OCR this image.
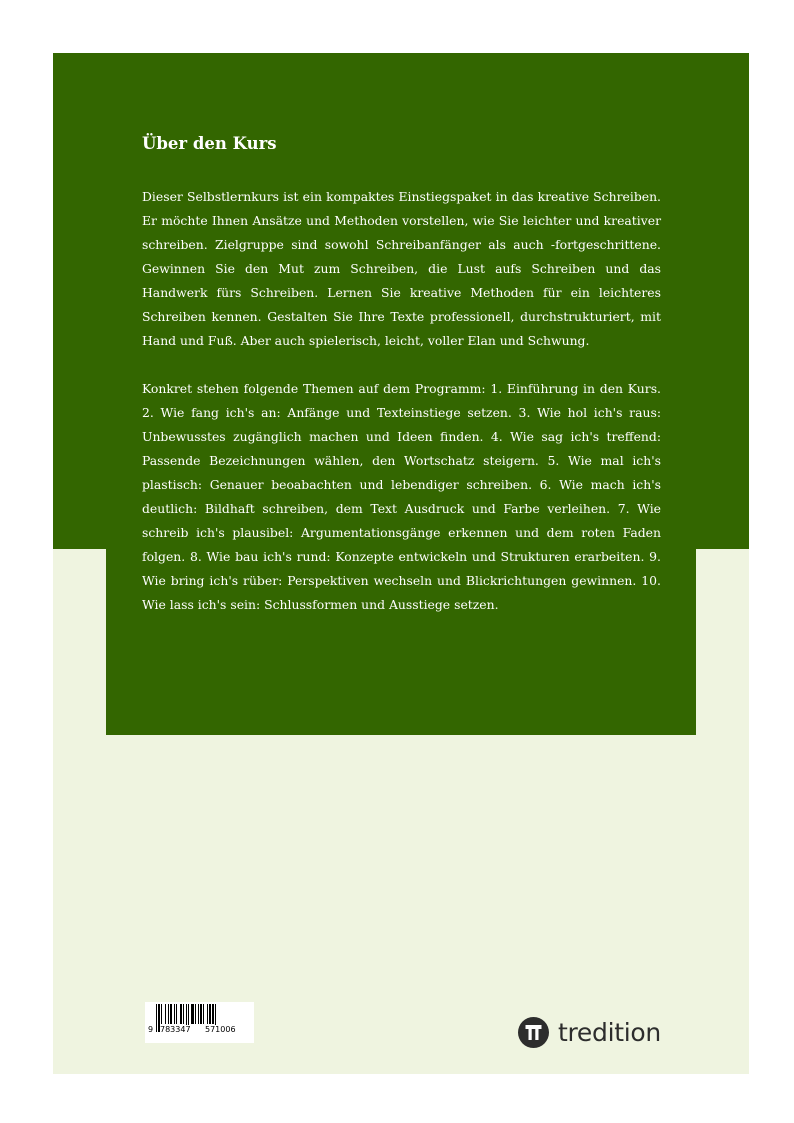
Über den Kurs

Dieser Selbstlernkurs ist ein kompaktes Einstiegspaket in das kreative Schreiben. Er möchte Ihnen Ansätze und Methoden vorstellen, wie Sie leichter und kreativer schreiben. Zielgruppe sind sowohl Schreibanfänger als auch -fortgeschrittene. Gewinnen Sie den Mut zum Schreiben, die Lust aufs Schreiben und das Handwerk fürs Schreiben. Lernen Sie kreative Methoden für ein leichteres Schreiben kennen. Gestalten Sie Ihre Texte professionell, durchstrukturiert, mit Hand und Fuß. Aber auch spielerisch, leicht, voller Elan und Schwung.

Konkret stehen folgende Themen auf dem Programm: 1. Einführung in den Kurs. 2. Wie fang ich's an: Anfänge und Texteinstiege setzen. 3. Wie hol ich's raus: Unbewusstes zugänglich machen und Ideen finden. 4. Wie sag ich's treffend: Passende Bezeichnungen wählen, den Wortschatz steigern. 5. Wie mal ich's plastisch: Genauer beoabachten und lebendiger schreiben. 6. Wie mach ich's deutlich: Bildhaft schreiben, dem Text Ausdruck und Farbe verleihen. 7. Wie schreib ich's plausibel: Argumentationsgänge erkennen und dem roten Faden folgen. 8. Wie bau ich's rund: Konzepte entwickeln und Strukturen erarbeiten. 9. Wie bring ich's rüber: Perspektiven wechseln und Blickrichtungen gewinnen. 10. Wie lass ich's sein: Schlussformen und Ausstiege setzen.

9 783347 571006	tredition
